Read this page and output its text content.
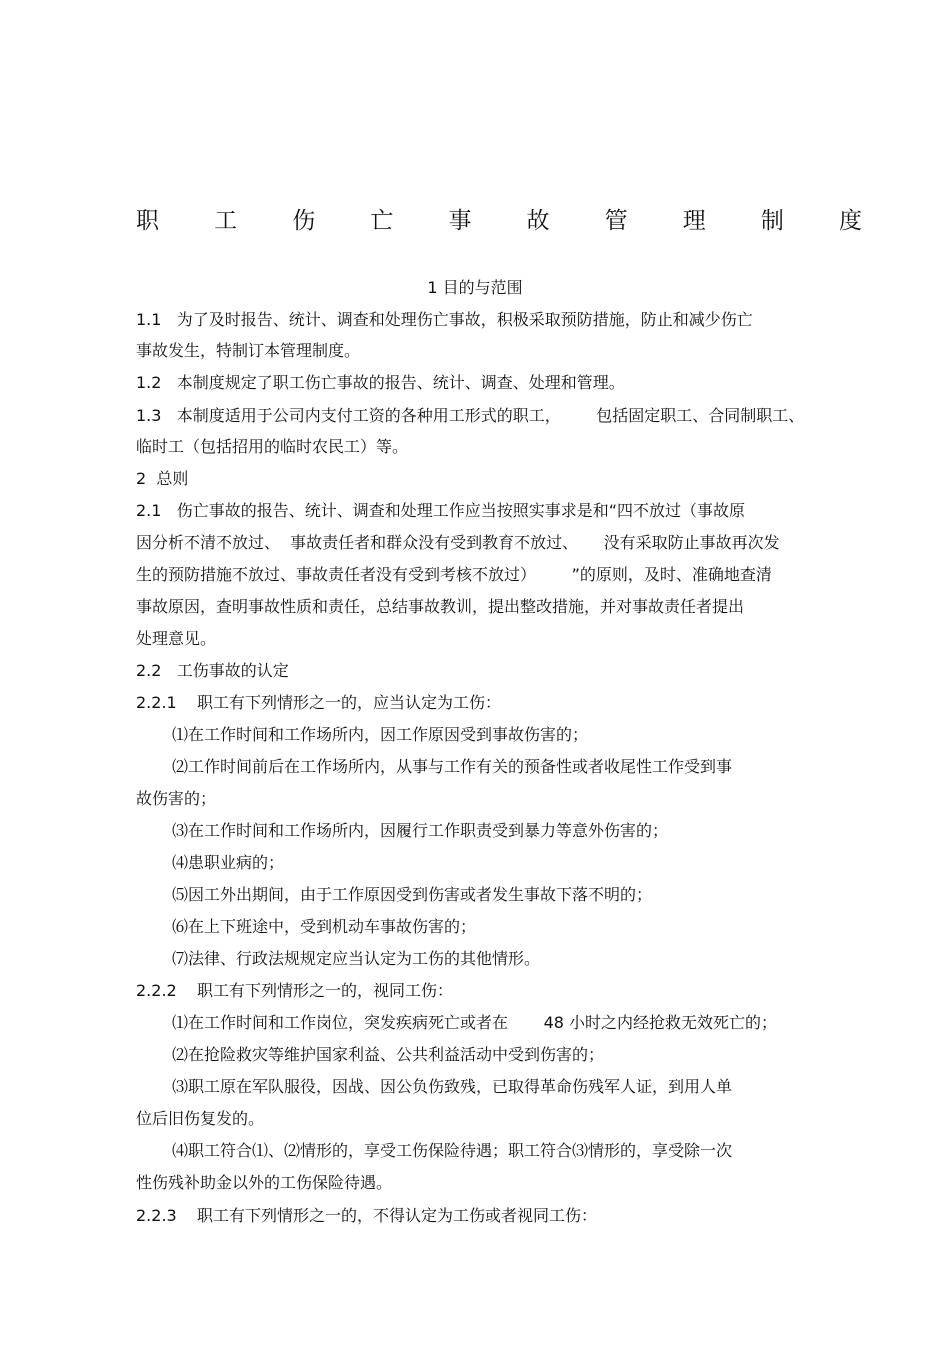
职 工 伤 亡 事 故 管 理 制 度
1 目的与范围
1.1   为了及时报告、统计、调查和处理伤亡事故，积极采取预防措施，防止和减少伤亡
事故发生，特制订本管理制度。
1.2   本制度规定了职工伤亡事故的报告、统计、调查、处理和管理。
1.3   本制度适用于公司内支付工资的各种用工形式的职工，       包括固定职工、合同制职工、
临时工（包括招用的临时农民工）等。
2  总则
2.1   伤亡事故的报告、统计、调查和处理工作应当按照实事求是和“四不放过（事故原
因分析不清不放过、  事故责任者和群众没有受到教育不放过、     没有采取防止事故再次发
生的预防措施不放过、事故责任者没有受到考核不放过）       ”的原则，及时、准确地查清
事故原因，查明事故性质和责任，总结事故教训，提出整改措施，并对事故责任者提出
处理意见。
2.2   工伤事故的认定
2.2.1    职工有下列情形之一的，应当认定为工伤：
⑴在工作时间和工作场所内，因工作原因受到事故伤害的；
⑵工作时间前后在工作场所内，从事与工作有关的预备性或者收尾性工作受到事
故伤害的；
⑶在工作时间和工作场所内，因履行工作职责受到暴力等意外伤害的；
⑷患职业病的；
⑸因工外出期间，由于工作原因受到伤害或者发生事故下落不明的；
⑹在上下班途中，受到机动车事故伤害的；
⑺法律、行政法规规定应当认定为工伤的其他情形。
2.2.2    职工有下列情形之一的，视同工伤：
⑴在工作时间和工作岗位，突发疾病死亡或者在       48 小时之内经抢救无效死亡的；
⑵在抢险救灾等维护国家利益、公共利益活动中受到伤害的；
⑶职工原在军队服役，因战、因公负伤致残，已取得革命伤残军人证，到用人单
位后旧伤复发的。
⑷职工符合⑴、⑵情形的，享受工伤保险待遇；职工符合⑶情形的，享受除一次
性伤残补助金以外的工伤保险待遇。
2.2.3    职工有下列情形之一的，不得认定为工伤或者视同工伤：
